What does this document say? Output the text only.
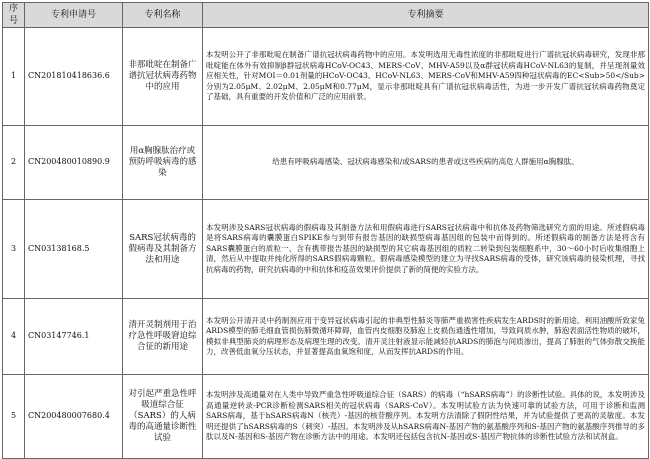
序号	专利申请号	专利名称	专利摘要
1	CN201810418636.6	非那吡啶在制备广谱抗冠状病毒药物中的应用	本发明公开了非那吡啶在制备广谱抗冠状病毒药物中的应用。本发明选用无毒性浓度的非那吡啶进行广谱抗冠状病毒研究，发现非那吡啶能在体外有效抑制β群冠状病毒HCoV-OC43、MERS-CoV、MHV-A59以及α群冠状病毒HCoV-NL63的复制，并呈现剂量效应相关性，针对MOI＝0.01剂量的HCoV-OC43、HCoV-NL63、MERS-CoV和MHV-A59四种冠状病毒的EC<Sub>50</Sub>分别为2.05μM、2.02μM、2.05μM和0.77μM，显示非那吡啶具有广谱抗冠状病毒活性，为进一步开发广谱抗冠状病毒药物奠定了基础，具有重要的开发价值和广泛的应用前景。
2	CN200480010890.9	用α胸腺肽治疗或预防呼吸病毒的感染	给患有呼吸病毒感染、冠状病毒感染和/或SARS的患者或这些疾病的高危人群施用α胸腺肽。
3	CN03138168.5	SARS冠状病毒的假病毒及其制备方法和用途	本发明涉及SARS冠状病毒的假病毒及其制备方法和用假病毒进行SARS冠状病毒中和抗体及药物筛选研究方面的用途。所述假病毒是将SARS病毒的囊膜蛋白SPIKE参与到带有报告基因的缺损型病毒基因组的包装中而得到的。所述假病毒的制备方法是将含有SARS囊膜蛋白的质粒一、含有携带报告基因的缺损型的其它病毒基因组的质粒二转染到包装细胞系中，30～60小时后收集细胞上清，然后从中提取并纯化所得的SARS假病毒颗粒。假病毒感染模型的建立为寻找SARS病毒的受体，研究该病毒的侵染机理，寻找抗病毒的药物，研究抗病毒的中和抗体和疫苗效果评价提供了新的简便的实验方法。
4	CN03147746.1	清开灵制剂用于治疗急性呼吸窘迫综合征的新用途	本发明公开清开灵中药制剂应用于变异冠状病毒引起的非典型性肺炎等肺严重损害性疾病发生ARDS时的新用途。利用油酸所致家兔ARDS模型的肺毛细血管损伤肺微循环障碍，血管内皮细胞及肺泡上皮损伤通透性增加，导致间质水肿，肺泡表面活性物质的破坏，模拟非典型肺炎的病理形态及病理生理的改变。清开灵注射液显示能减轻抗ARDS的肺泡与间质渗出，提高了肺脏的气体弥散交换能力，改善低血氧分压状态，并显著提高血氧饱和度，从而发挥抗ARDS的作用。
5	CN200480007680.4	对引起严重急性呼吸道综合征（SARS）的人病毒的高通量诊断性试验	本发明涉及高通量对在人类中导致严重急性呼吸道综合征（SARS）的病毒（“hSARS病毒”）的诊断性试验。具体的说，本发明涉及高通量逆转录-PCR诊断检测SARS相关的冠状病毒（SARS-CoV）。本发明试验方法为快速可靠的试验方法，可用于诊断和监测SARS病毒，基于hSARS病毒N（核壳）-基因的核苷酸序列。本发明方法清除了假阴性结果，并为试验提供了更高的灵敏度。本发明还提供了hSARS病毒的S（刺突）-基因。本发明涉及从hSARS病毒N-基因产物的氨基酸序列和S-基因产物的氨基酸序列推导的多肽以及N-基因和S-基因产物在诊断方法中的用途。本发明还包括包含抗N-基因或S-基因产物抗体的诊断性试验方法和试剂盒。
